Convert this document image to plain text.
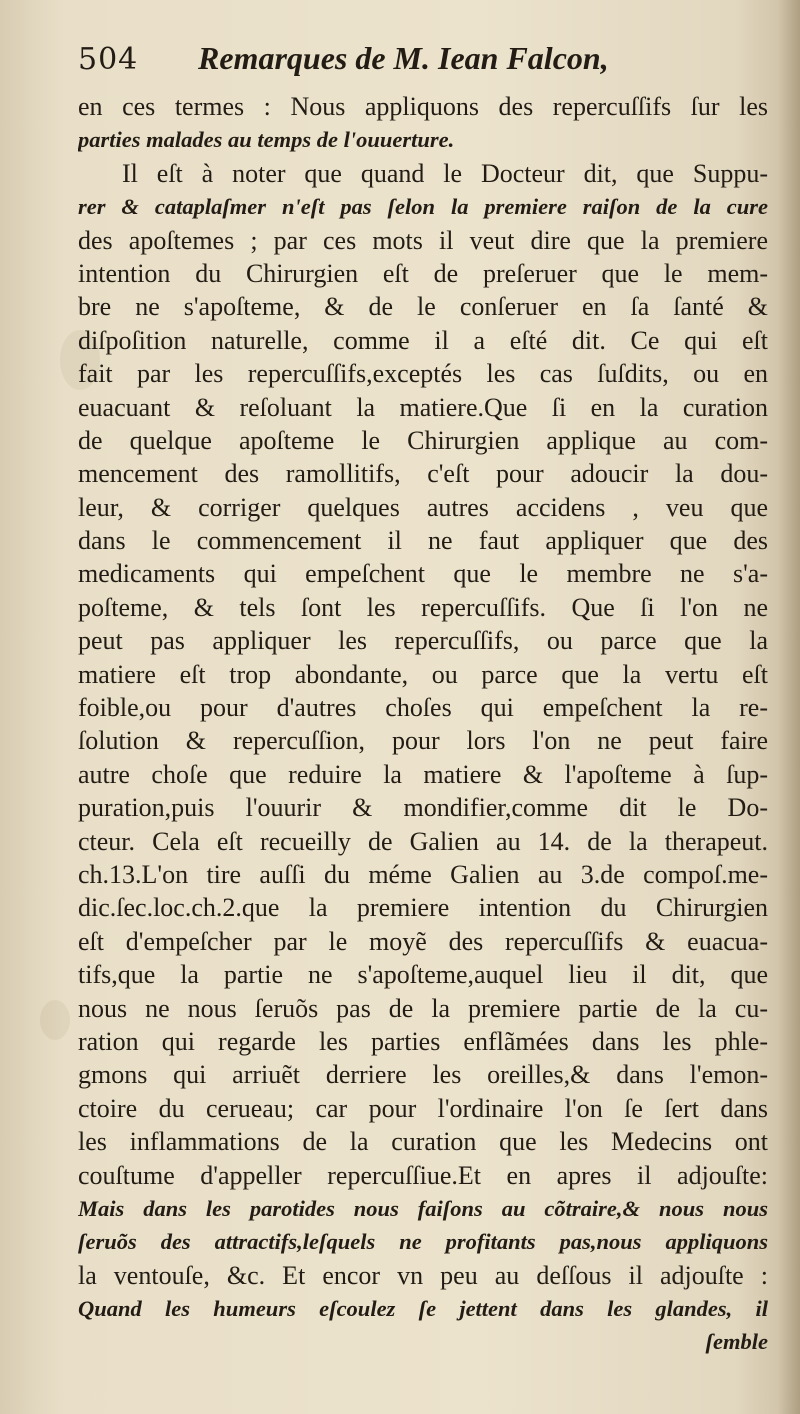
504	Remarques de M. Iean Falcon,
en ces termes : Nous appliquons des repercuſſifs ſur les
parties malades au temps de l'ouuerture.
Il eſt à noter que quand le Docteur dit, que Suppu-
rer & cataplaſmer n'eſt pas ſelon la premiere raiſon de la cure
des apoſtemes ; par ces mots il veut dire que la premiere
intention du Chirurgien eſt de preſeruer que le mem-
bre ne s'apoſteme, & de le conſeruer en ſa ſanté &
diſpoſition naturelle, comme il a eſté dit. Ce qui eſt
fait par les repercuſſifs,exceptés les cas ſuſdits, ou en
euacuant & reſoluant la matiere.Que ſi en la curation
de quelque apoſteme le Chirurgien applique au com-
mencement des ramollitifs, c'eſt pour adoucir la dou-
leur, & corriger quelques autres accidens , veu que
dans le commencement il ne faut appliquer que des
medicaments qui empeſchent que le membre ne s'a-
poſteme, & tels ſont les repercuſſifs. Que ſi l'on ne
peut pas appliquer les repercuſſifs, ou parce que la
matiere eſt trop abondante, ou parce que la vertu eſt
foible,ou pour d'autres choſes qui empeſchent la re-
ſolution & repercuſſion, pour lors l'on ne peut faire
autre choſe que reduire la matiere & l'apoſteme à ſup-
puration,puis l'ouurir & mondifier,comme dit le Do-
cteur. Cela eſt recueilly de Galien au 14. de la therapeut.
ch.13.L'on tire auſſi du méme Galien au 3.de compoſ.me-
dic.ſec.loc.ch.2.que la premiere intention du Chirurgien
eſt d'empeſcher par le moyẽ des repercuſſifs & euacua-
tifs,que la partie ne s'apoſteme,auquel lieu il dit, que
nous ne nous ſeruõs pas de la premiere partie de la cu-
ration qui regarde les parties enflãmées dans les phle-
gmons qui arriuẽt derriere les oreilles,& dans l'emon-
ctoire du cerueau; car pour l'ordinaire l'on ſe ſert dans
les inflammations de la curation que les Medecins ont
couſtume d'appeller repercuſſiue.Et en apres il adjouſte:
Mais dans les parotides nous faiſons au cõtraire,& nous nous
ſeruõs des attractifs,leſquels ne profitants pas,nous appliquons
la ventouſe, &c. Et encor vn peu au deſſous il adjouſte :
Quand les humeurs eſcoulez ſe jettent dans les glandes, il
ſemble
